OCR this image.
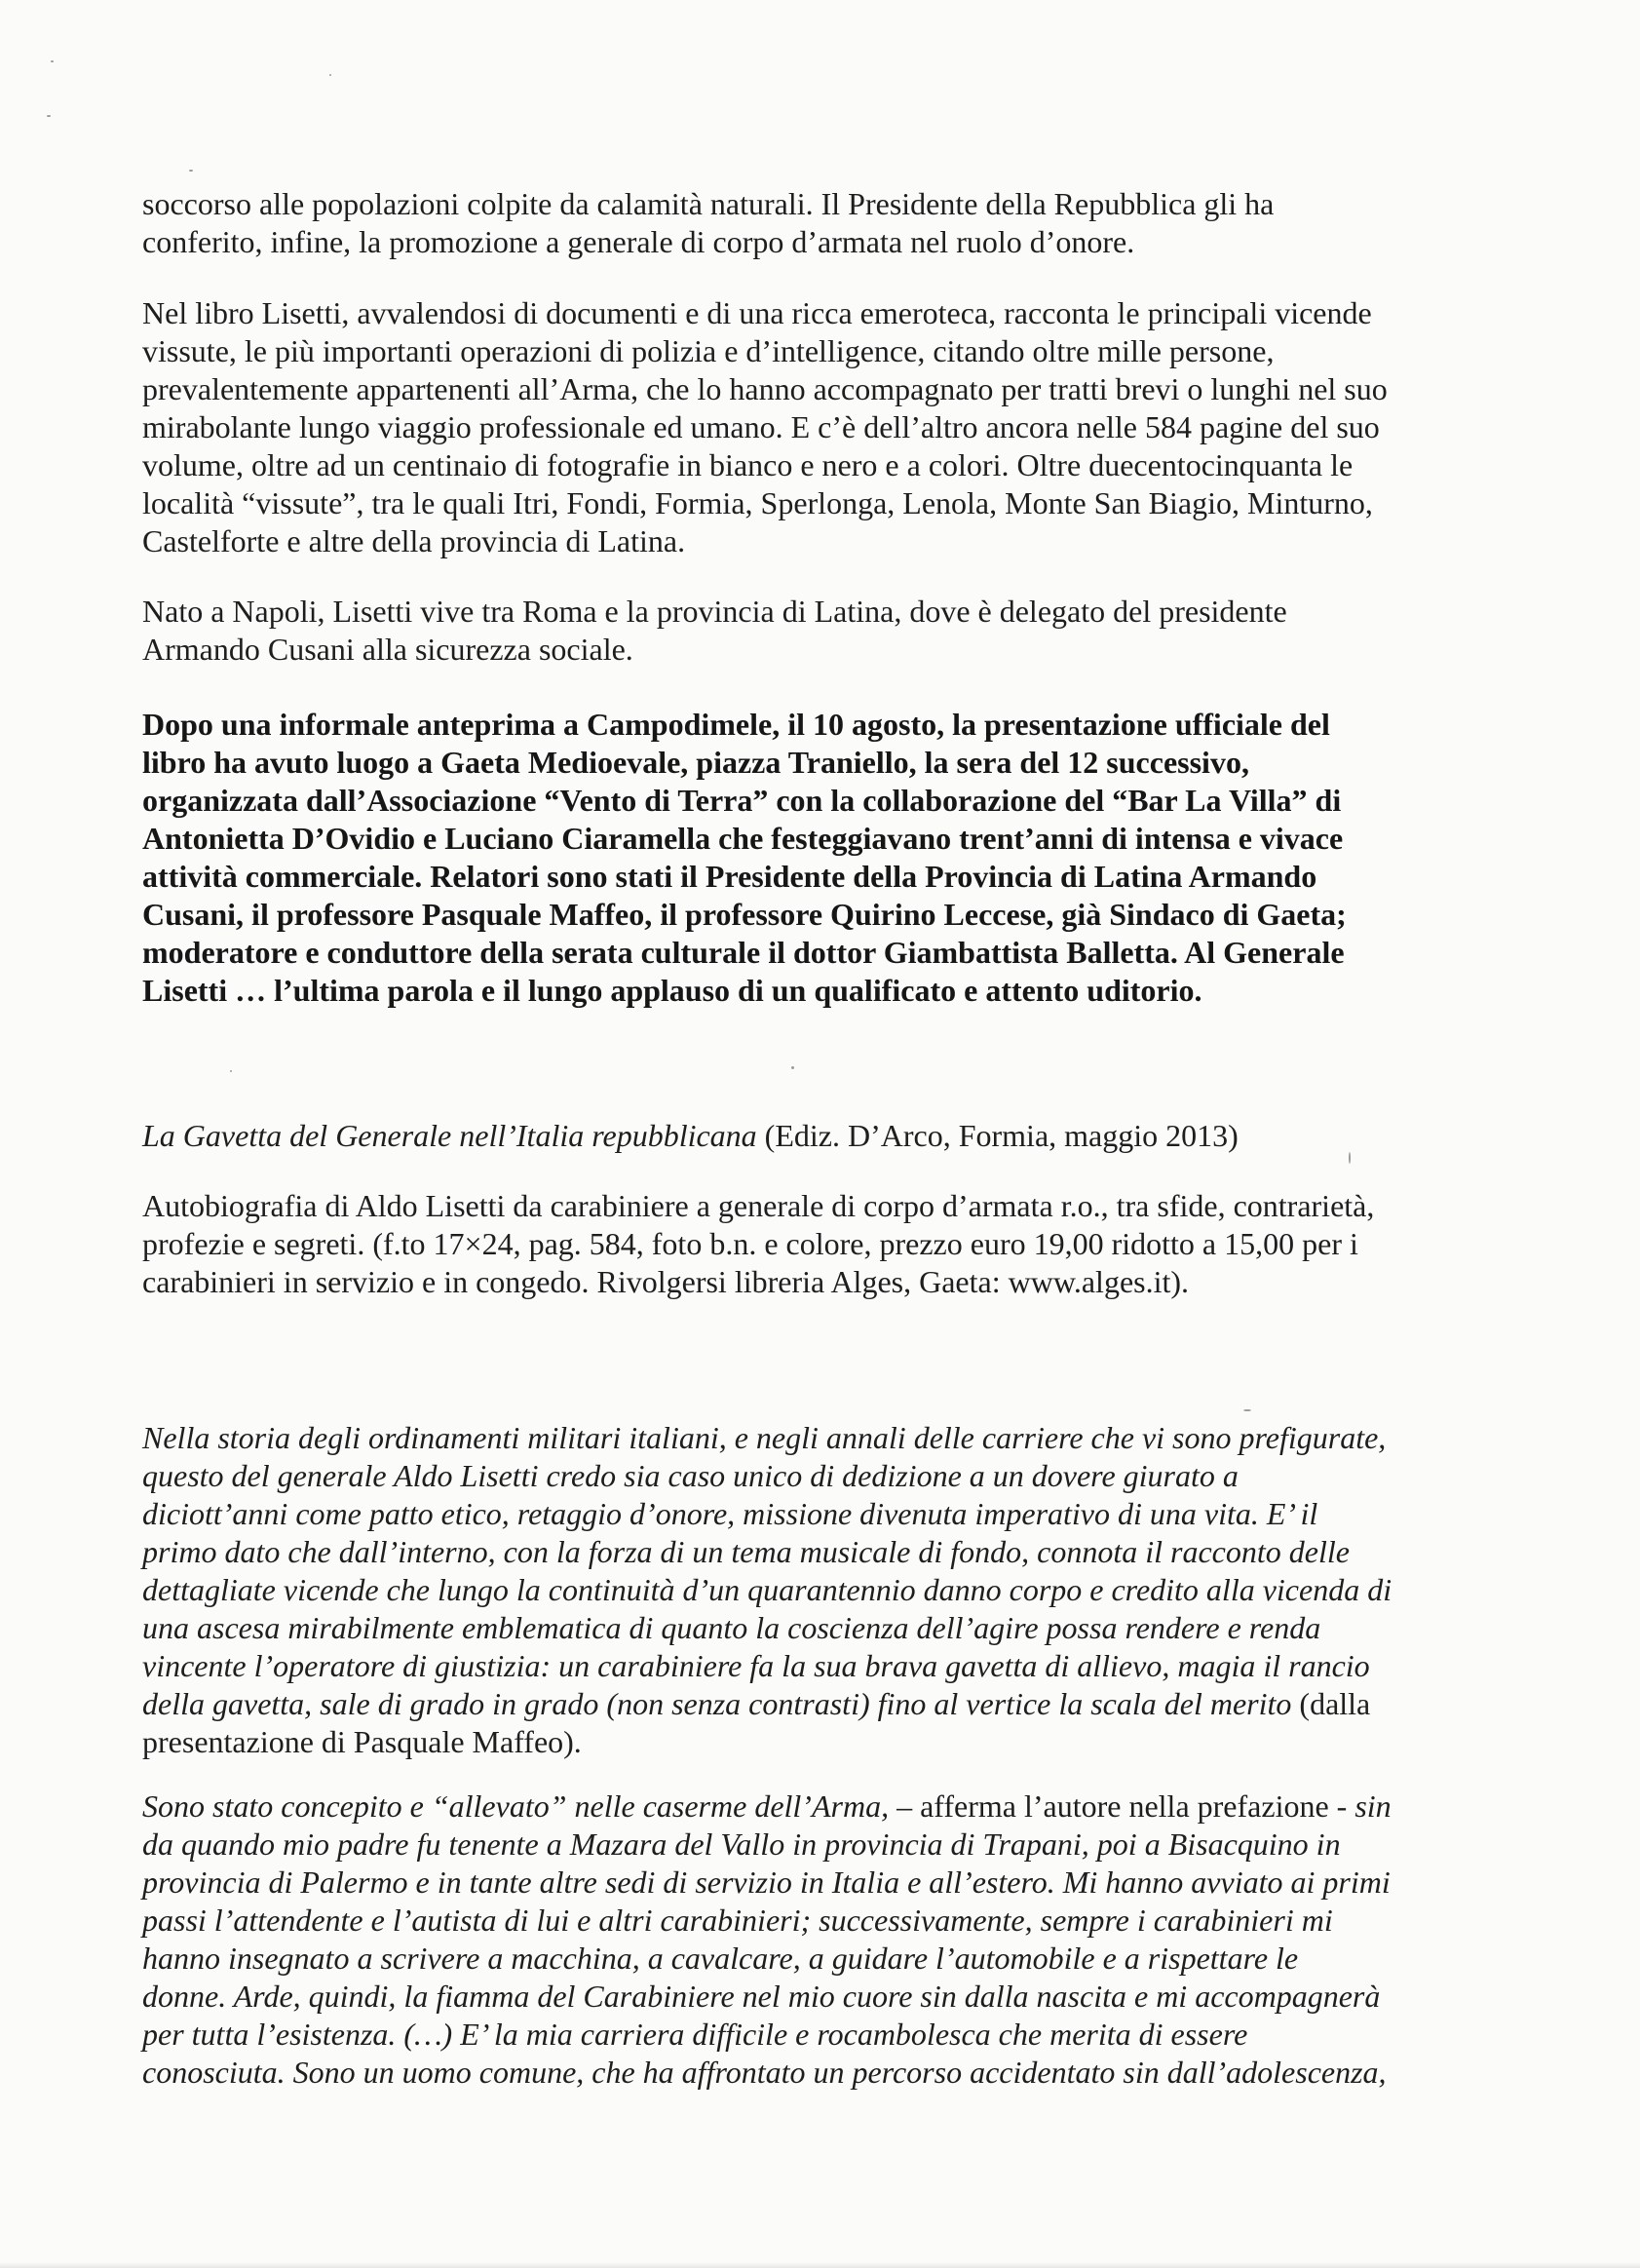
soccorso alle popolazioni colpite da calamità naturali. Il Presidente della Repubblica gli ha
conferito, infine, la promozione a generale di corpo d’armata nel ruolo d’onore.

Nel libro Lisetti, avvalendosi di documenti e di una ricca emeroteca, racconta le principali vicende
vissute, le più importanti operazioni di polizia e d’intelligence, citando oltre mille persone,
prevalentemente appartenenti all’Arma, che lo hanno accompagnato per tratti brevi o lunghi nel suo
mirabolante lungo viaggio professionale ed umano. E c’è dell’altro ancora nelle 584 pagine del suo
volume, oltre ad un centinaio di fotografie in bianco e nero e a colori. Oltre duecentocinquanta le
località “vissute”, tra le quali Itri, Fondi, Formia, Sperlonga, Lenola, Monte San Biagio, Minturno,
Castelforte e altre della provincia di Latina.

Nato a Napoli, Lisetti vive tra Roma e la provincia di Latina, dove è delegato del presidente
Armando Cusani alla sicurezza sociale.

Dopo una informale anteprima a Campodimele, il 10 agosto, la presentazione ufficiale del
libro ha avuto luogo a Gaeta Medioevale, piazza Traniello, la sera del 12 successivo,
organizzata dall’Associazione “Vento di Terra” con la collaborazione del “Bar La Villa” di
Antonietta D’Ovidio e Luciano Ciaramella che festeggiavano trent’anni di intensa e vivace
attività commerciale. Relatori sono stati il Presidente della Provincia di Latina Armando
Cusani, il professore Pasquale Maffeo, il professore Quirino Leccese, già Sindaco di Gaeta;
moderatore e conduttore della serata culturale il dottor Giambattista Balletta. Al Generale
Lisetti … l’ultima parola e il lungo applauso di un qualificato e attento uditorio.

La Gavetta del Generale nell’Italia repubblicana (Ediz. D’Arco, Formia, maggio 2013)

Autobiografia di Aldo Lisetti da carabiniere a generale di corpo d’armata r.o., tra sfide, contrarietà,
profezie e segreti. (f.to 17×24, pag. 584, foto b.n. e colore, prezzo euro 19,00 ridotto a 15,00 per i
carabinieri in servizio e in congedo. Rivolgersi libreria Alges, Gaeta: www.alges.it).

Nella storia degli ordinamenti militari italiani, e negli annali delle carriere che vi sono prefigurate,
questo del generale Aldo Lisetti credo sia caso unico di dedizione a un dovere giurato a
diciott’anni come patto etico, retaggio d’onore, missione divenuta imperativo di una vita. E’ il
primo dato che dall’interno, con la forza di un tema musicale di fondo, connota il racconto delle
dettagliate vicende che lungo la continuità d’un quarantennio danno corpo e credito alla vicenda di
una ascesa mirabilmente emblematica di quanto la coscienza dell’agire possa rendere e renda
vincente l’operatore di giustizia: un carabiniere fa la sua brava gavetta di allievo, magia il rancio
della gavetta, sale di grado in grado (non senza contrasti) fino al vertice la scala del merito (dalla
presentazione di Pasquale Maffeo).

Sono stato concepito e “allevato” nelle caserme dell’Arma, – afferma l’autore nella prefazione - sin
da quando mio padre fu tenente a Mazara del Vallo in provincia di Trapani, poi a Bisacquino in
provincia di Palermo e in tante altre sedi di servizio in Italia e all’estero. Mi hanno avviato ai primi
passi l’attendente e l’autista di lui e altri carabinieri; successivamente, sempre i carabinieri mi
hanno insegnato a scrivere a macchina, a cavalcare, a guidare l’automobile e a rispettare le
donne. Arde, quindi, la fiamma del Carabiniere nel mio cuore sin dalla nascita e mi accompagnerà
per tutta l’esistenza. (…) E’ la mia carriera difficile e rocambolesca che merita di essere
conosciuta. Sono un uomo comune, che ha affrontato un percorso accidentato sin dall’adolescenza,
